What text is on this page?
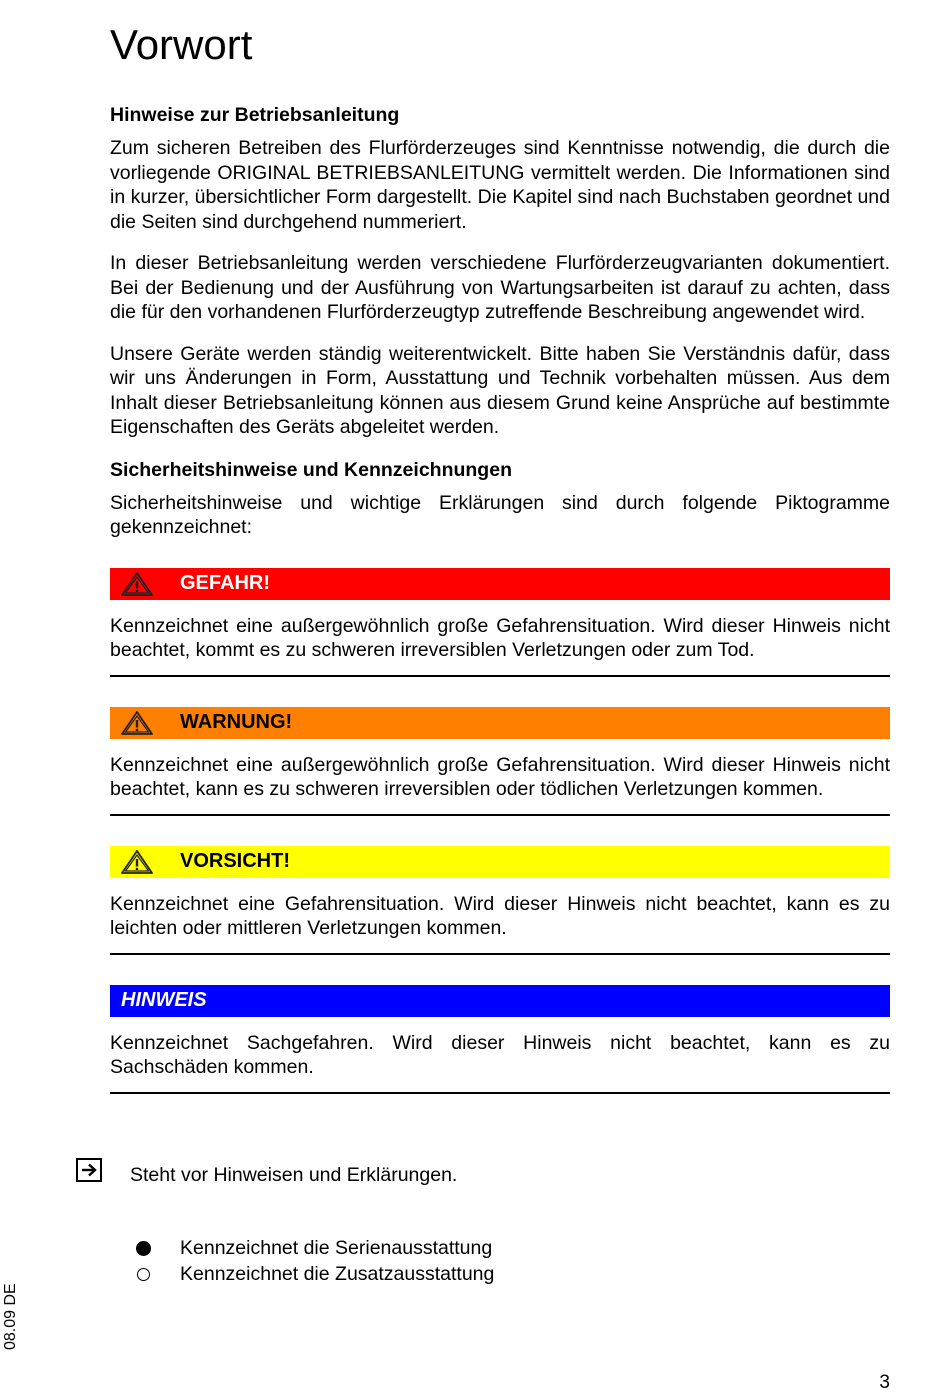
Vorwort
Hinweise zur Betriebsanleitung

Zum sicheren Betreiben des Flurförderzeuges sind Kenntnisse notwendig, die durch die vorliegende ORIGINAL BETRIEBSANLEITUNG vermittelt werden. Die Informationen sind in kurzer, übersichtlicher Form dargestellt. Die Kapitel sind nach Buchstaben geordnet und die Seiten sind durchgehend nummeriert.

In dieser Betriebsanleitung werden verschiedene Flurförderzeugvarianten dokumentiert. Bei der Bedienung und der Ausführung von Wartungsarbeiten ist darauf zu achten, dass die für den vorhandenen Flurförderzeugtyp zutreffende Beschreibung angewendet wird.

Unsere Geräte werden ständig weiterentwickelt. Bitte haben Sie Verständnis dafür, dass wir uns Änderungen in Form, Ausstattung und Technik vorbehalten müssen. Aus dem Inhalt dieser Betriebsanleitung können aus diesem Grund keine Ansprüche auf bestimmte Eigenschaften des Geräts abgeleitet werden.

Sicherheitshinweise und Kennzeichnungen

Sicherheitshinweise und wichtige Erklärungen sind durch folgende Piktogramme gekennzeichnet:

GEFAHR!

Kennzeichnet eine außergewöhnlich große Gefahrensituation. Wird dieser Hinweis nicht beachtet, kommt es zu schweren irreversiblen Verletzungen oder zum Tod.

WARNUNG!

Kennzeichnet eine außergewöhnlich große Gefahrensituation. Wird dieser Hinweis nicht beachtet, kann es zu schweren irreversiblen oder tödlichen Verletzungen kommen.

VORSICHT!

Kennzeichnet eine Gefahrensituation. Wird dieser Hinweis nicht beachtet, kann es zu leichten oder mittleren Verletzungen kommen.

HINWEIS

Kennzeichnet Sachgefahren. Wird dieser Hinweis nicht beachtet, kann es zu Sachschäden kommen.

Steht vor Hinweisen und Erklärungen.
Kennzeichnet die Serienausstattung
Kennzeichnet die Zusatzausstattung
08.09 DE
3
